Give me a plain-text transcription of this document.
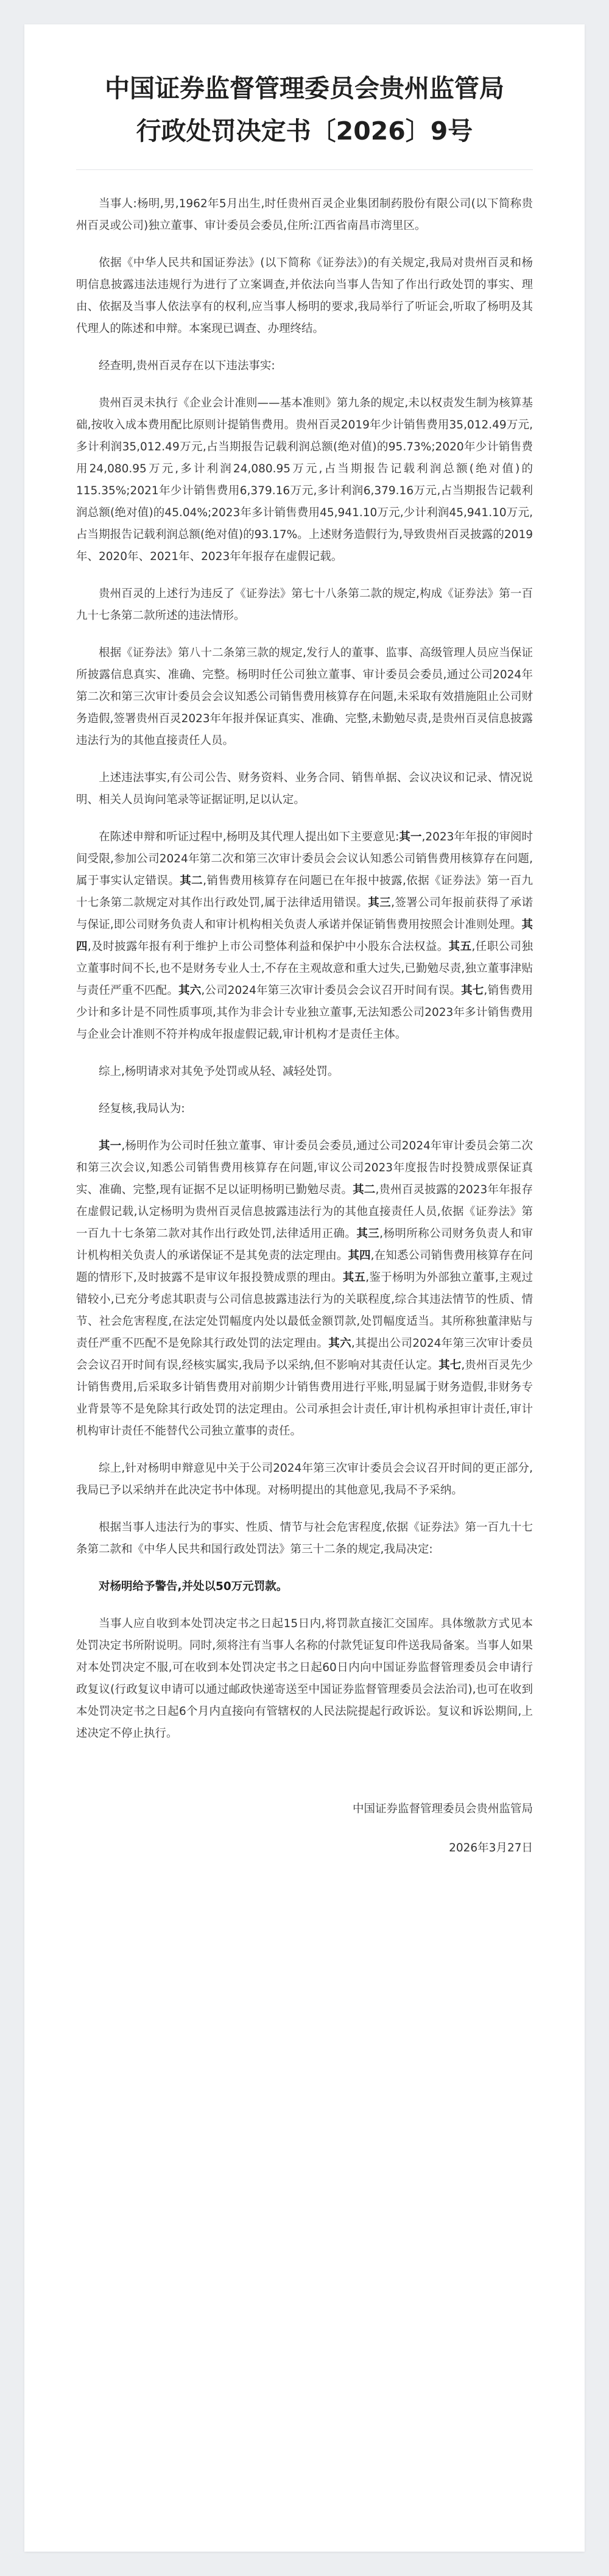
中国证券监督管理委员会贵州监管局
行政处罚决定书〔2026〕9号

当事人:杨明,男,1962年5月出生,时任贵州百灵企业集团制药股份有限公司(以下简称贵州百灵或公司)独立董事、审计委员会委员,住所:江西省南昌市湾里区。

依据《中华人民共和国证券法》(以下简称《证券法》)的有关规定,我局对贵州百灵和杨明信息披露违法违规行为进行了立案调查,并依法向当事人告知了作出行政处罚的事实、理由、依据及当事人依法享有的权利,应当事人杨明的要求,我局举行了听证会,听取了杨明及其代理人的陈述和申辩。本案现已调查、办理终结。

经查明,贵州百灵存在以下违法事实:

贵州百灵未执行《企业会计准则——基本准则》第九条的规定,未以权责发生制为核算基础,按收入成本费用配比原则计提销售费用。贵州百灵2019年少计销售费用35,012.49万元,多计利润35,012.49万元,占当期报告记载利润总额(绝对值)的95.73%;2020年少计销售费用24,080.95万元,多计利润24,080.95万元,占当期报告记载利润总额(绝对值)的115.35%;2021年少计销售费用6,379.16万元,多计利润6,379.16万元,占当期报告记载利润总额(绝对值)的45.04%;2023年多计销售费用45,941.10万元,少计利润45,941.10万元,占当期报告记载利润总额(绝对值)的93.17%。上述财务造假行为,导致贵州百灵披露的2019年、2020年、2021年、2023年年报存在虚假记载。

贵州百灵的上述行为违反了《证券法》第七十八条第二款的规定,构成《证券法》第一百九十七条第二款所述的违法情形。

根据《证券法》第八十二条第三款的规定,发行人的董事、监事、高级管理人员应当保证所披露信息真实、准确、完整。杨明时任公司独立董事、审计委员会委员,通过公司2024年第二次和第三次审计委员会会议知悉公司销售费用核算存在问题,未采取有效措施阻止公司财务造假,签署贵州百灵2023年年报并保证真实、准确、完整,未勤勉尽责,是贵州百灵信息披露违法行为的其他直接责任人员。

上述违法事实,有公司公告、财务资料、业务合同、销售单据、会议决议和记录、情况说明、相关人员询问笔录等证据证明,足以认定。

在陈述申辩和听证过程中,杨明及其代理人提出如下主要意见:其一,2023年年报的审阅时间受限,参加公司2024年第二次和第三次审计委员会会议认知悉公司销售费用核算存在问题,属于事实认定错误。其二,销售费用核算存在问题已在年报中披露,依据《证券法》第一百九十七条第二款规定对其作出行政处罚,属于法律适用错误。其三,签署公司年报前获得了承诺与保证,即公司财务负责人和审计机构相关负责人承诺并保证销售费用按照会计准则处理。其四,及时披露年报有利于维护上市公司整体利益和保护中小股东合法权益。其五,任职公司独立董事时间不长,也不是财务专业人士,不存在主观故意和重大过失,已勤勉尽责,独立董事津贴与责任严重不匹配。其六,公司2024年第三次审计委员会会议召开时间有误。其七,销售费用少计和多计是不同性质事项,其作为非会计专业独立董事,无法知悉公司2023年多计销售费用与企业会计准则不符并构成年报虚假记载,审计机构才是责任主体。

综上,杨明请求对其免予处罚或从轻、减轻处罚。

经复核,我局认为:

其一,杨明作为公司时任独立董事、审计委员会委员,通过公司2024年审计委员会第二次和第三次会议,知悉公司销售费用核算存在问题,审议公司2023年度报告时投赞成票保证真实、准确、完整,现有证据不足以证明杨明已勤勉尽责。其二,贵州百灵披露的2023年年报存在虚假记载,认定杨明为贵州百灵信息披露违法行为的其他直接责任人员,依据《证券法》第一百九十七条第二款对其作出行政处罚,法律适用正确。其三,杨明所称公司财务负责人和审计机构相关负责人的承诺保证不是其免责的法定理由。其四,在知悉公司销售费用核算存在问题的情形下,及时披露不是审议年报投赞成票的理由。其五,鉴于杨明为外部独立董事,主观过错较小,已充分考虑其职责与公司信息披露违法行为的关联程度,综合其违法情节的性质、情节、社会危害程度,在法定处罚幅度内处以最低金额罚款,处罚幅度适当。其所称独董津贴与责任严重不匹配不是免除其行政处罚的法定理由。其六,其提出公司2024年第三次审计委员会会议召开时间有误,经核实属实,我局予以采纳,但不影响对其责任认定。其七,贵州百灵先少计销售费用,后采取多计销售费用对前期少计销售费用进行平账,明显属于财务造假,非财务专业背景等不是免除其行政处罚的法定理由。公司承担会计责任,审计机构承担审计责任,审计机构审计责任不能替代公司独立董事的责任。

综上,针对杨明申辩意见中关于公司2024年第三次审计委员会会议召开时间的更正部分,我局已予以采纳并在此决定书中体现。对杨明提出的其他意见,我局不予采纳。

根据当事人违法行为的事实、性质、情节与社会危害程度,依据《证券法》第一百九十七条第二款和《中华人民共和国行政处罚法》第三十二条的规定,我局决定:

对杨明给予警告,并处以50万元罚款。

当事人应自收到本处罚决定书之日起15日内,将罚款直接汇交国库。具体缴款方式见本处罚决定书所附说明。同时,须将注有当事人名称的付款凭证复印件送我局备案。当事人如果对本处罚决定不服,可在收到本处罚决定书之日起60日内向中国证券监督管理委员会申请行政复议(行政复议申请可以通过邮政快递寄送至中国证券监督管理委员会法治司),也可在收到本处罚决定书之日起6个月内直接向有管辖权的人民法院提起行政诉讼。复议和诉讼期间,上述决定不停止执行。

中国证券监督管理委员会贵州监管局
2026年3月27日
